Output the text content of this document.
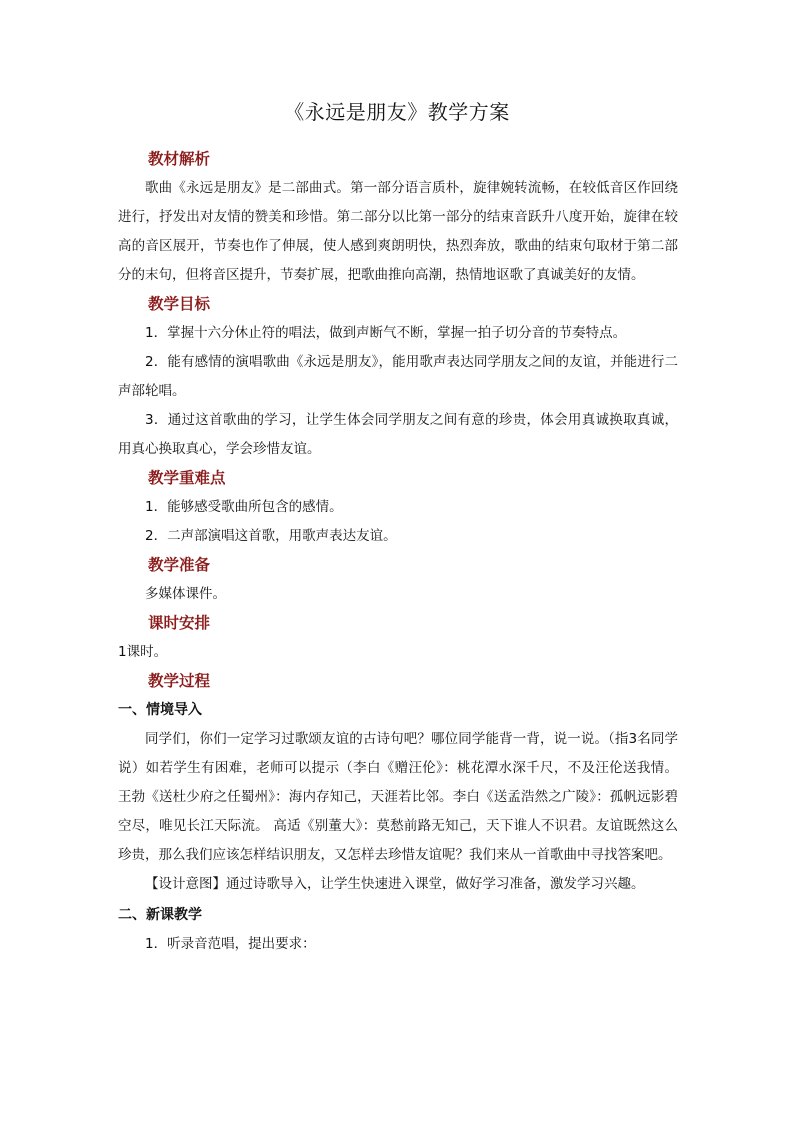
《永远是朋友》教学方案
教材解析

歌曲《永远是朋友》是二部曲式。第一部分语言质朴，旋律婉转流畅，在较低音区作回绕进行，抒发出对友情的赞美和珍惜。第二部分以比第一部分的结束音跃升八度开始，旋律在较高的音区展开，节奏也作了伸展，使人感到爽朗明快，热烈奔放，歌曲的结束句取材于第二部分的末句，但将音区提升，节奏扩展，把歌曲推向高潮，热情地讴歌了真诚美好的友情。

教学目标

1．掌握十六分休止符的唱法，做到声断气不断，掌握一拍子切分音的节奏特点。

2．能有感情的演唱歌曲《永远是朋友》，能用歌声表达同学朋友之间的友谊，并能进行二声部轮唱。

3．通过这首歌曲的学习，让学生体会同学朋友之间有意的珍贵，体会用真诚换取真诚，用真心换取真心，学会珍惜友谊。

教学重难点

1．能够感受歌曲所包含的感情。

2．二声部演唱这首歌，用歌声表达友谊。

教学准备

多媒体课件。

课时安排

1课时。

教学过程
一、情境导入

同学们，你们一定学习过歌颂友谊的古诗句吧？哪位同学能背一背，说一说。（指3名同学说）如若学生有困难，老师可以提示（李白《赠汪伦》：桃花潭水深千尺，不及汪伦送我情。王勃《送杜少府之任蜀州》：海内存知己，天涯若比邻。李白《送孟浩然之广陵》：孤帆远影碧空尽，唯见长江天际流。 高适《别董大》：莫愁前路无知己，天下谁人不识君。友谊既然这么珍贵，那么我们应该怎样结识朋友，又怎样去珍惜友谊呢？我们来从一首歌曲中寻找答案吧。

【设计意图】通过诗歌导入，让学生快速进入课堂，做好学习准备，激发学习兴趣。

二、新课教学

1．听录音范唱，提出要求：
